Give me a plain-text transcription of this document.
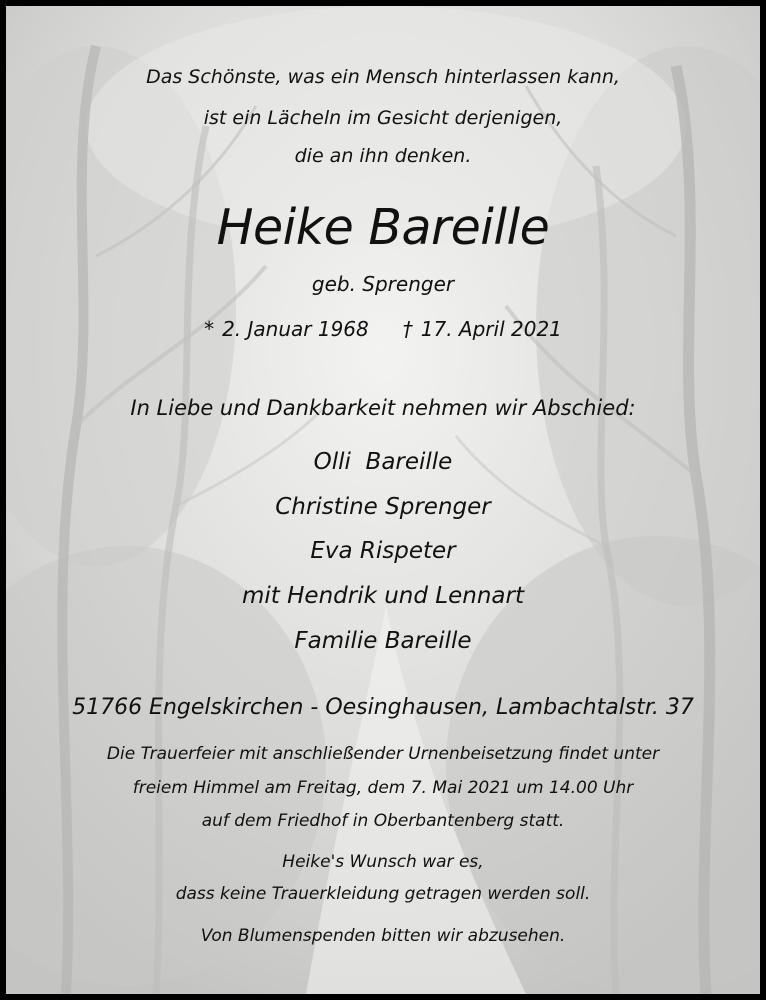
Das Schönste, was ein Mensch hinterlassen kann,
ist ein Lächeln im Gesicht derjenigen,
die an ihn denken.
Heike Bareille
geb. Sprenger
* 2. Januar 1968 † 17. April 2021
In Liebe und Dankbarkeit nehmen wir Abschied:
Olli  Bareille
Christine Sprenger
Eva Rispeter
mit Hendrik und Lennart
Familie Bareille
51766 Engelskirchen - Oesinghausen, Lambachtalstr. 37
Die Trauerfeier mit anschließender Urnenbeisetzung findet unter
freiem Himmel am Freitag, dem 7. Mai 2021 um 14.00 Uhr
auf dem Friedhof in Oberbantenberg statt.
Heike's Wunsch war es,
dass keine Trauerkleidung getragen werden soll.
Von Blumenspenden bitten wir abzusehen.
